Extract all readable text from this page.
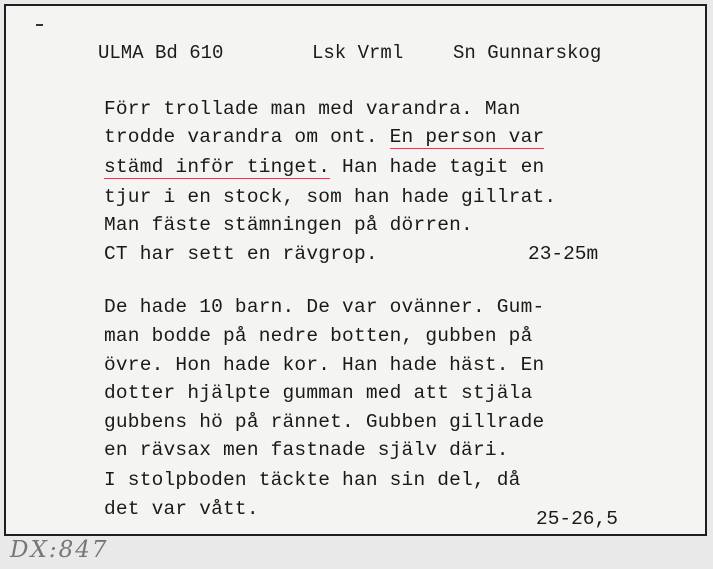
ULMA Bd 610	Lsk Vrml	Sn Gunnarskog
Förr trollade man med varandra. Man
trodde varandra om ont. En person var
stämd inför tinget. Han hade tagit en
tjur i en stock, som han hade gillrat.
Man fäste stämningen på dörren.
CT har sett en rävgrop.	23-25m
De hade 10 barn. De var ovänner. Gum-
man bodde på nedre botten, gubben på
övre. Hon hade kor. Han hade häst. En
dotter hjälpte gumman med att stjäla
gubbens hö på rännet. Gubben gillrade
en rävsax men fastnade själv däri.
I stolpboden täckte han sin del, då
det var vått.	25-26,5
DX:847
